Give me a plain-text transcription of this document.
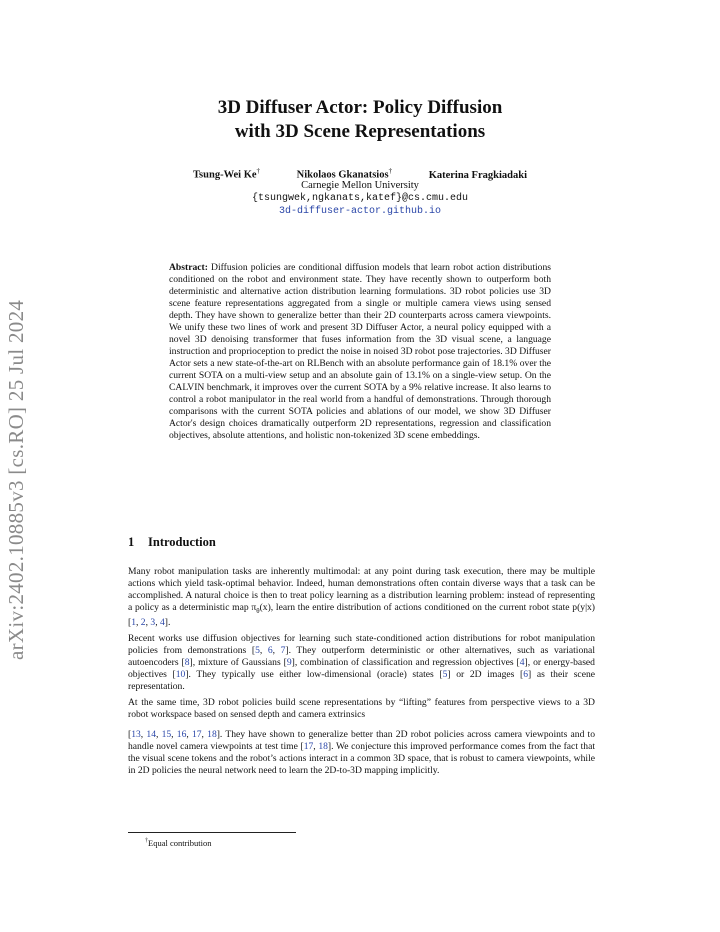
arXiv:2402.10885v3 [cs.RO] 25 Jul 2024
3D Diffuser Actor: Policy Diffusion
with 3D Scene Representations
Tsung-Wei Ke†	Nikolaos Gkanatsios†	Katerina Fragkiadaki
Carnegie Mellon University
{tsungwek,ngkanats,katef}@cs.cmu.edu
3d-diffuser-actor.github.io
Abstract: Diffusion policies are conditional diffusion models that learn robot action distributions conditioned on the robot and environment state. They have recently shown to outperform both deterministic and alternative action distribution learning formulations. 3D robot policies use 3D scene feature representations aggregated from a single or multiple camera views using sensed depth. They have shown to generalize better than their 2D counterparts across camera viewpoints. We unify these two lines of work and present 3D Diffuser Actor, a neural policy equipped with a novel 3D denoising transformer that fuses information from the 3D visual scene, a language instruction and proprioception to predict the noise in noised 3D robot pose trajectories. 3D Diffuser Actor sets a new state-of-the-art on RLBench with an absolute performance gain of 18.1% over the current SOTA on a multi-view setup and an absolute gain of 13.1% on a single-view setup. On the CALVIN benchmark, it improves over the current SOTA by a 9% relative increase. It also learns to control a robot manipulator in the real world from a handful of demonstrations. Through thorough comparisons with the current SOTA policies and ablations of our model, we show 3D Diffuser Actor's design choices dramatically outperform 2D representations, regression and classification objectives, absolute attentions, and holistic non-tokenized 3D scene embeddings.
1 Introduction

Many robot manipulation tasks are inherently multimodal: at any point during task execution, there may be multiple actions which yield task-optimal behavior. Indeed, human demonstrations often contain diverse ways that a task can be accomplished. A natural choice is then to treat policy learning as a distribution learning problem: instead of representing a policy as a deterministic map $\pi_\theta(x)$, learn the entire distribution of actions conditioned on the current robot state p(y|x) [1, 2, 3, 4].

Recent works use diffusion objectives for learning such state-conditioned action distributions for robot manipulation policies from demonstrations [5, 6, 7]. They outperform deterministic or other alternatives, such as variational autoencoders [8], mixture of Gaussians [9], combination of classification and regression objectives [4], or energy-based objectives [10]. They typically use either low-dimensional (oracle) states [5] or 2D images [6] as their scene representation.

At the same time, 3D robot policies build scene representations by “lifting” features from perspective views to a 3D robot workspace based on sensed depth and camera extrinsics

[13, 14, 15, 16, 17, 18]. They have shown to generalize better than 2D robot policies across camera viewpoints and to handle novel camera viewpoints at test time [17, 18]. We conjecture this improved performance comes from the fact that the visual scene tokens and the robot’s actions interact in a common 3D space, that is robust to camera viewpoints, while in 2D policies the neural network need to learn the 2D-to-3D mapping implicitly.

†Equal contribution
